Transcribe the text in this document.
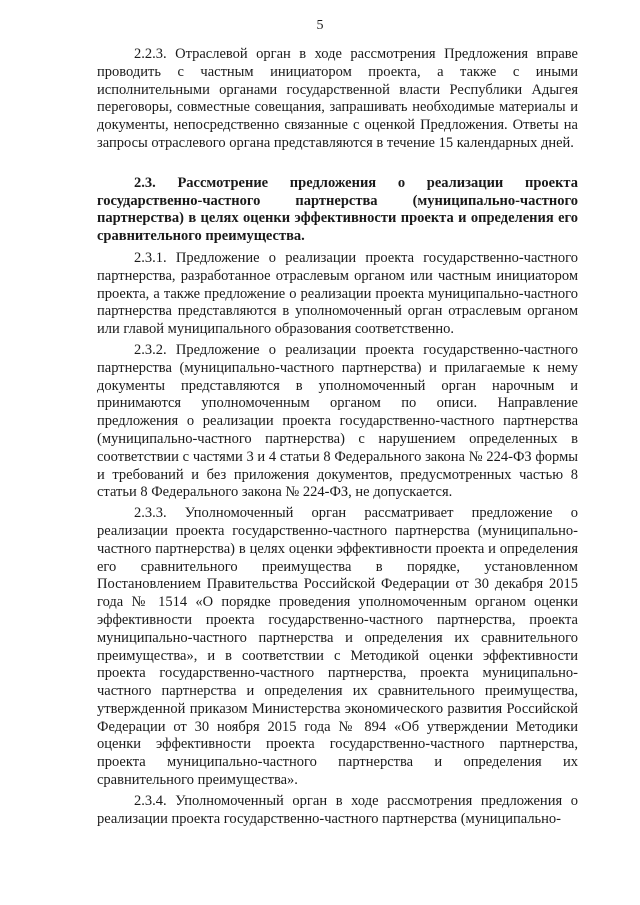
5

2.2.3. Отраслевой орган в ходе рассмотрения Предложения вправе проводить с частным инициатором проекта, а также с иными исполнительными органами государственной власти Республики Адыгея переговоры, совместные совещания, запрашивать необходимые материалы и документы, непосредственно связанные с оценкой Предложения. Ответы на запросы отраслевого органа представляются в течение 15 календарных дней.

2.3. Рассмотрение предложения о реализации проекта государственно-частного партнерства (муниципально-частного партнерства) в целях оценки эффективности проекта и определения его сравнительного преимущества.

2.3.1. Предложение о реализации проекта государственно-частного партнерства, разработанное отраслевым органом или частным инициатором проекта, а также предложение о реализации проекта муниципально-частного партнерства представляются в уполномоченный орган отраслевым органом или главой муниципального образования соответственно.

2.3.2. Предложение о реализации проекта государственно-частного партнерства (муниципально-частного партнерства) и прилагаемые к нему документы представляются в уполномоченный орган нарочным и принимаются уполномоченным органом по описи. Направление предложения о реализации проекта государственно-частного партнерства (муниципально-частного партнерства) с нарушением определенных в соответствии с частями 3 и 4 статьи 8 Федерального закона № 224-ФЗ формы и требований и без приложения документов, предусмотренных частью 8 статьи 8 Федерального закона № 224-ФЗ, не допускается.

2.3.3. Уполномоченный орган рассматривает предложение о реализации проекта государственно-частного партнерства (муниципально-частного партнерства) в целях оценки эффективности проекта и определения его сравнительного преимущества в порядке, установленном Постановлением Правительства Российской Федерации от 30 декабря 2015 года № 1514 «О порядке проведения уполномоченным органом оценки эффективности проекта государственно-частного партнерства, проекта муниципально-частного партнерства и определения их сравнительного преимущества», и в соответствии с Методикой оценки эффективности проекта государственно-частного партнерства, проекта муниципально-частного партнерства и определения их сравнительного преимущества, утвержденной приказом Министерства экономического развития Российской Федерации от 30 ноября 2015 года № 894 «Об утверждении Методики оценки эффективности проекта государственно-частного партнерства, проекта муниципально-частного партнерства и определения их сравнительного преимущества».

2.3.4. Уполномоченный орган в ходе рассмотрения предложения о реализации проекта государственно-частного партнерства (муниципально-
